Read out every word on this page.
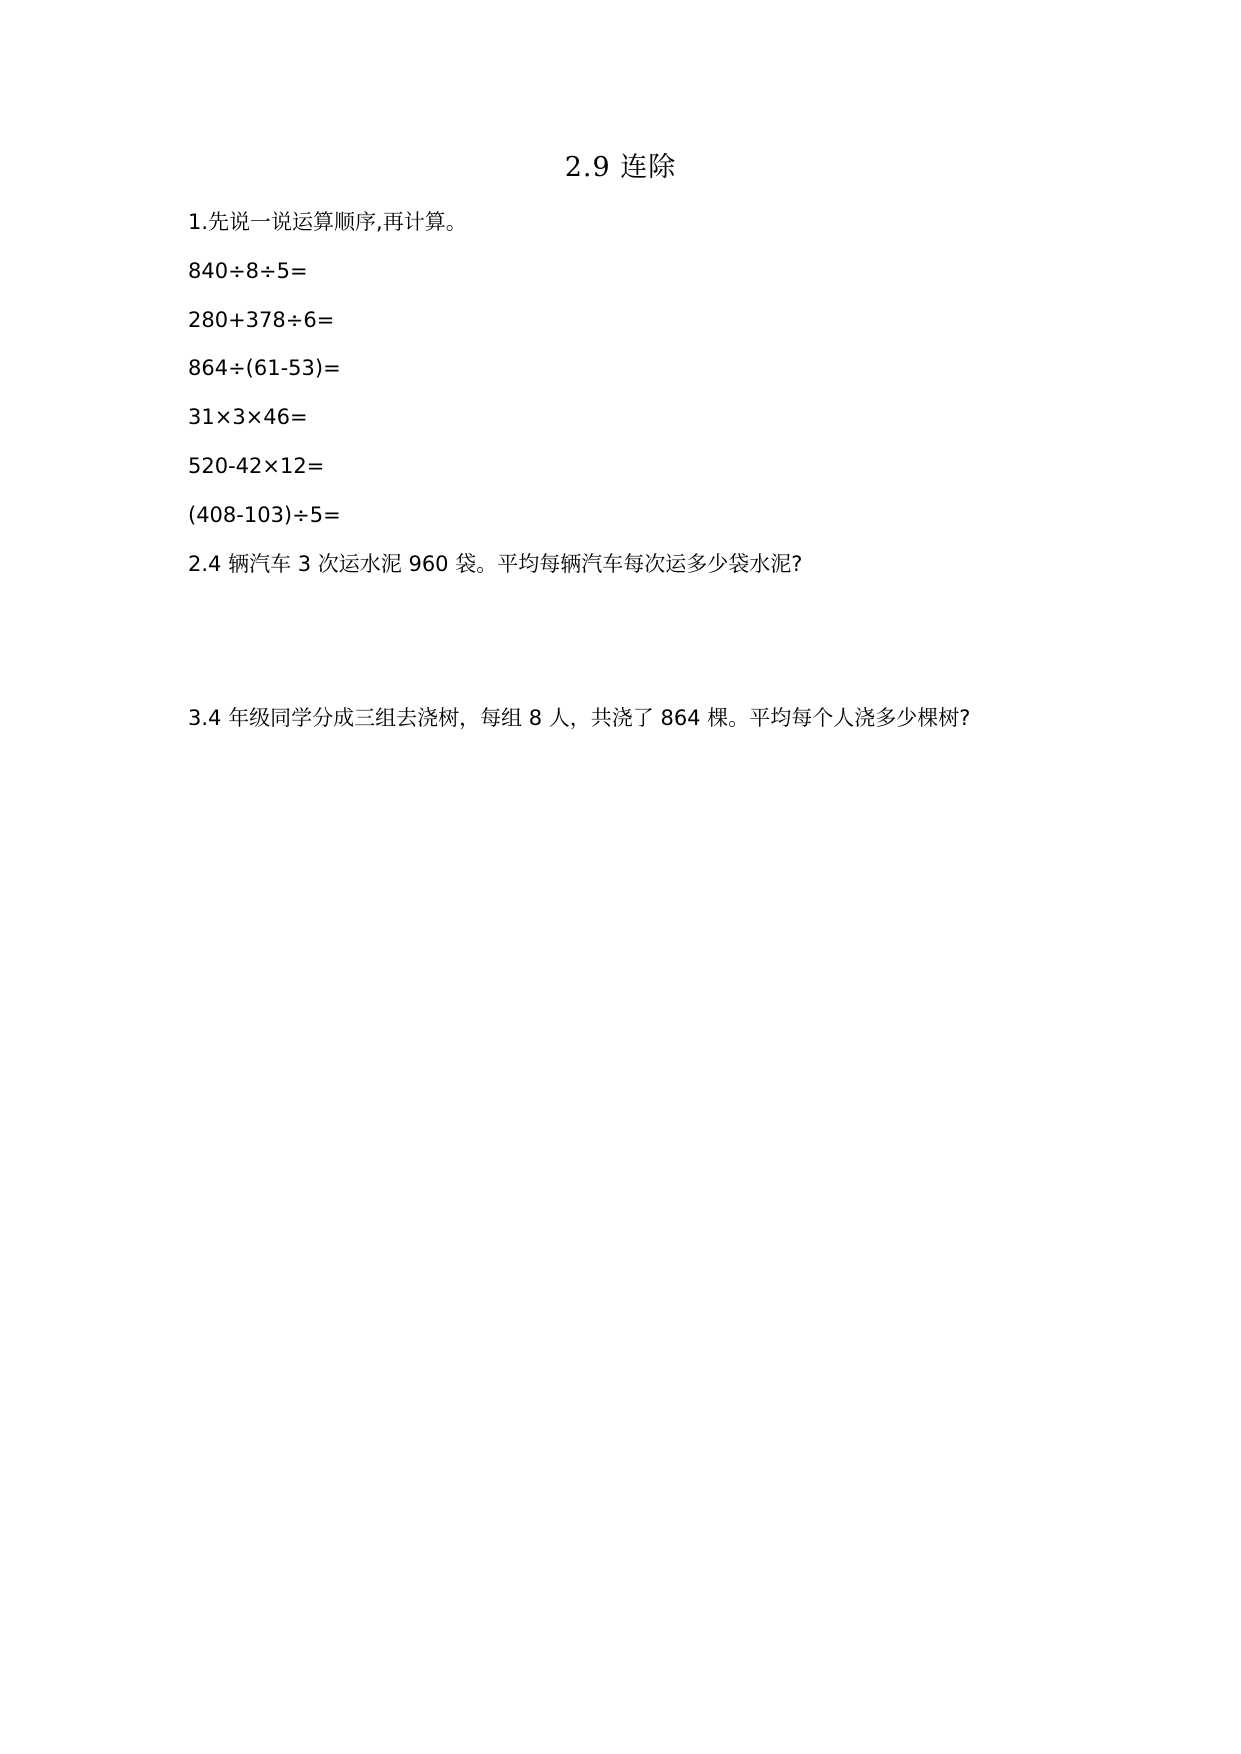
2.9 连除
1.先说一说运算顺序,再计算。
840÷8÷5=
280+378÷6=
864÷(61-53)=
31×3×46=
520-42×12=
(408-103)÷5=
2.4 辆汽车 3 次运水泥 960 袋。平均每辆汽车每次运多少袋水泥?
3.4 年级同学分成三组去浇树，每组 8 人，共浇了 864 棵。平均每个人浇多少棵树?
